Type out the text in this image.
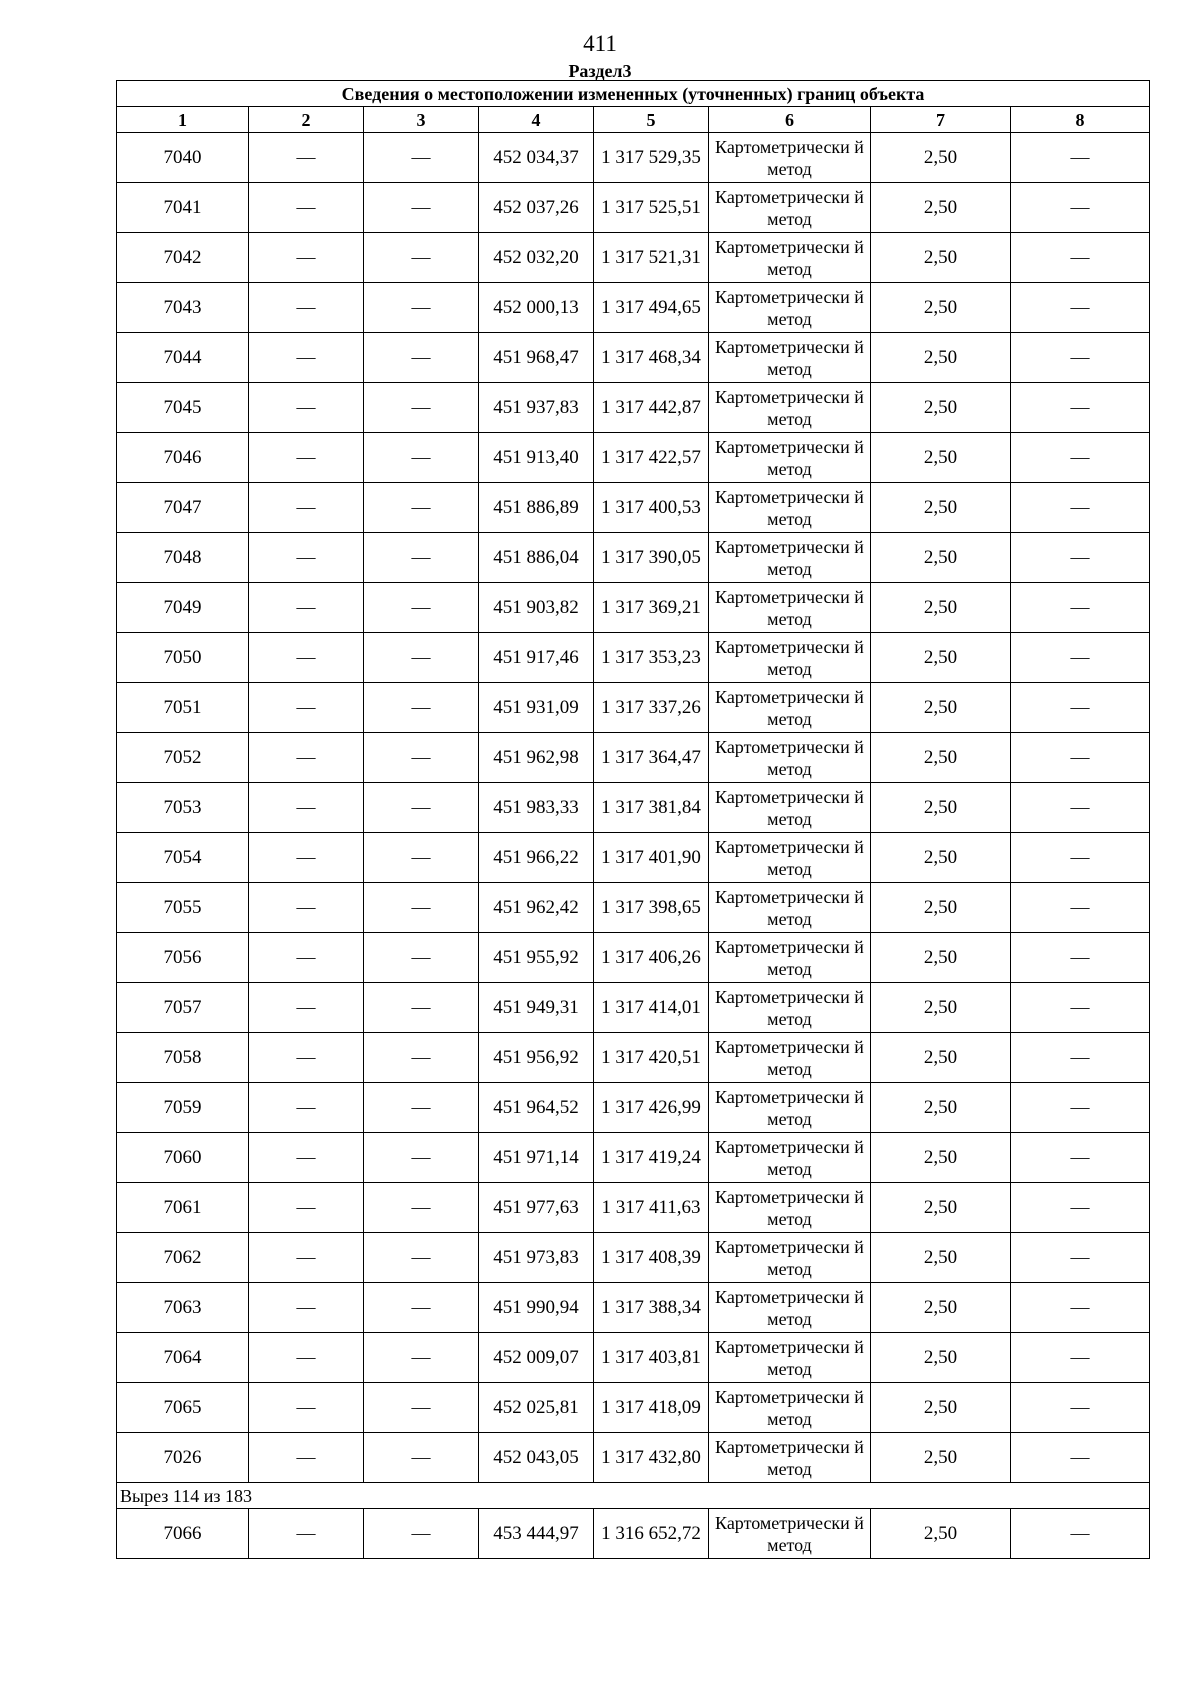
411
Раздел3
Сведения о местоположении измененных (уточненных) границ объекта							
1	2	3	4	5	6	7	8
7040	—	—	452 034,37	1 317 529,35	Картометрически й метод	2,50	—
7041	—	—	452 037,26	1 317 525,51	Картометрически й метод	2,50	—
7042	—	—	452 032,20	1 317 521,31	Картометрически й метод	2,50	—
7043	—	—	452 000,13	1 317 494,65	Картометрически й метод	2,50	—
7044	—	—	451 968,47	1 317 468,34	Картометрически й метод	2,50	—
7045	—	—	451 937,83	1 317 442,87	Картометрически й метод	2,50	—
7046	—	—	451 913,40	1 317 422,57	Картометрически й метод	2,50	—
7047	—	—	451 886,89	1 317 400,53	Картометрически й метод	2,50	—
7048	—	—	451 886,04	1 317 390,05	Картометрически й метод	2,50	—
7049	—	—	451 903,82	1 317 369,21	Картометрически й метод	2,50	—
7050	—	—	451 917,46	1 317 353,23	Картометрически й метод	2,50	—
7051	—	—	451 931,09	1 317 337,26	Картометрически й метод	2,50	—
7052	—	—	451 962,98	1 317 364,47	Картометрически й метод	2,50	—
7053	—	—	451 983,33	1 317 381,84	Картометрически й метод	2,50	—
7054	—	—	451 966,22	1 317 401,90	Картометрически й метод	2,50	—
7055	—	—	451 962,42	1 317 398,65	Картометрически й метод	2,50	—
7056	—	—	451 955,92	1 317 406,26	Картометрически й метод	2,50	—
7057	—	—	451 949,31	1 317 414,01	Картометрически й метод	2,50	—
7058	—	—	451 956,92	1 317 420,51	Картометрически й метод	2,50	—
7059	—	—	451 964,52	1 317 426,99	Картометрически й метод	2,50	—
7060	—	—	451 971,14	1 317 419,24	Картометрически й метод	2,50	—
7061	—	—	451 977,63	1 317 411,63	Картометрически й метод	2,50	—
7062	—	—	451 973,83	1 317 408,39	Картометрически й метод	2,50	—
7063	—	—	451 990,94	1 317 388,34	Картометрически й метод	2,50	—
7064	—	—	452 009,07	1 317 403,81	Картометрически й метод	2,50	—
7065	—	—	452 025,81	1 317 418,09	Картометрически й метод	2,50	—
7026	—	—	452 043,05	1 317 432,80	Картометрически й метод	2,50	—
Вырез 114 из 183							
7066	—	—	453 444,97	1 316 652,72	Картометрически й метод	2,50	—
